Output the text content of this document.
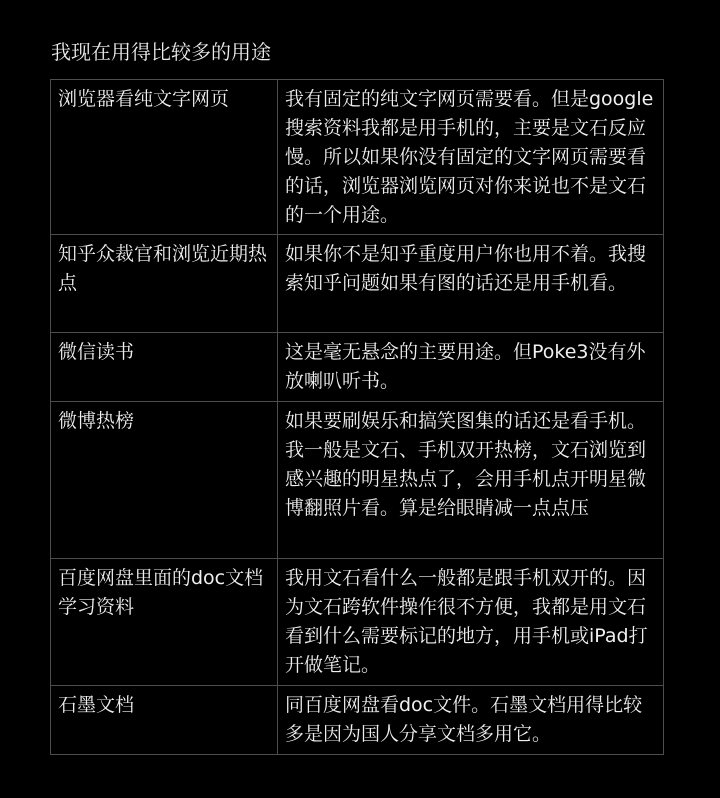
我现在用得比较多的用途
浏览器看纯文字网页	我有固定的纯文字网页需要看。但是google搜索资料我都是用手机的，主要是文石反应慢。所以如果你没有固定的文字网页需要看的话，浏览器浏览网页对你来说也不是文石的一个用途。
知乎众裁官和浏览近期热点	如果你不是知乎重度用户你也用不着。我搜索知乎问题如果有图的话还是用手机看。
微信读书	这是毫无悬念的主要用途。但Poke3没有外放喇叭听书。
微博热榜	如果要刷娱乐和搞笑图集的话还是看手机。我一般是文石、手机双开热榜，文石浏览到感兴趣的明星热点了，会用手机点开明星微博翻照片看。算是给眼睛减一点点压
百度网盘里面的doc文档学习资料	我用文石看什么一般都是跟手机双开的。因为文石跨软件操作很不方便，我都是用文石看到什么需要标记的地方，用手机或iPad打开做笔记。
石墨文档	同百度网盘看doc文件。石墨文档用得比较多是因为国人分享文档多用它。
